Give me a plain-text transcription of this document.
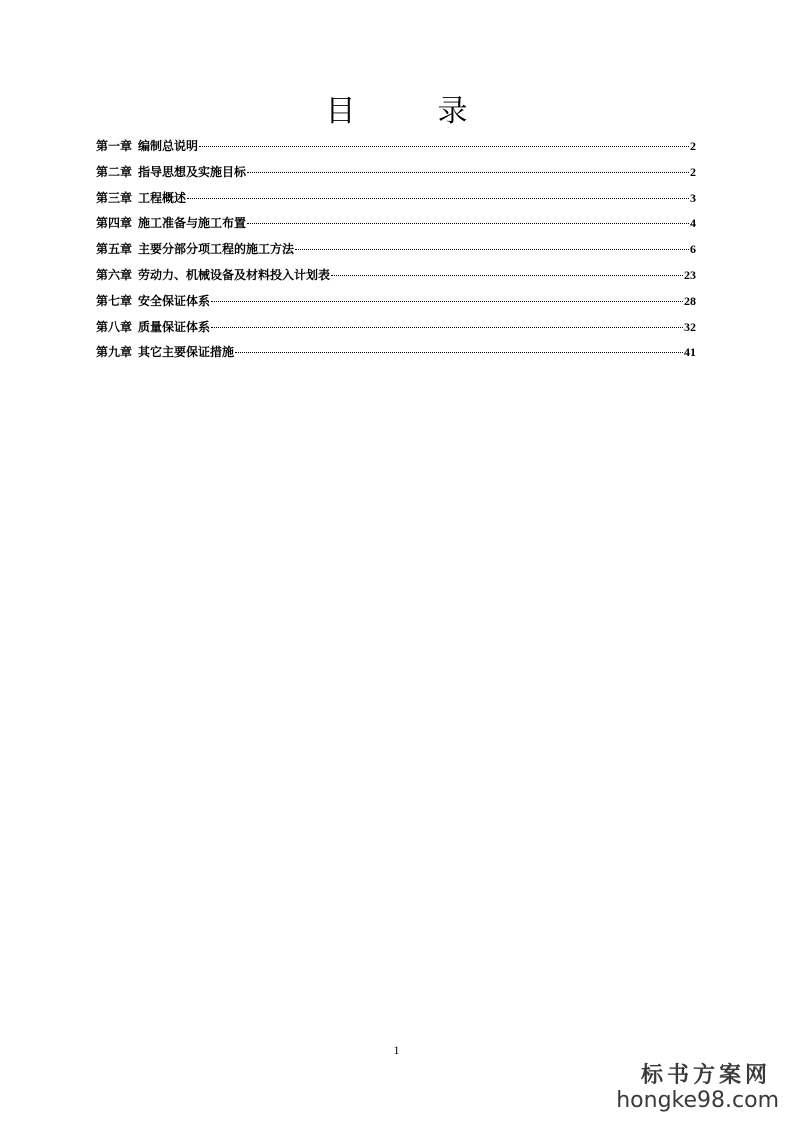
目　录
第一章 编制总说明	2
第二章 指导思想及实施目标	2
第三章 工程概述	3
第四章 施工准备与施工布置	4
第五章 主要分部分项工程的施工方法	6
第六章 劳动力、机械设备及材料投入计划表	23
第七章 安全保证体系	28
第八章 质量保证体系	32
第九章 其它主要保证措施	41
1
标书方案网
hongke98.com
